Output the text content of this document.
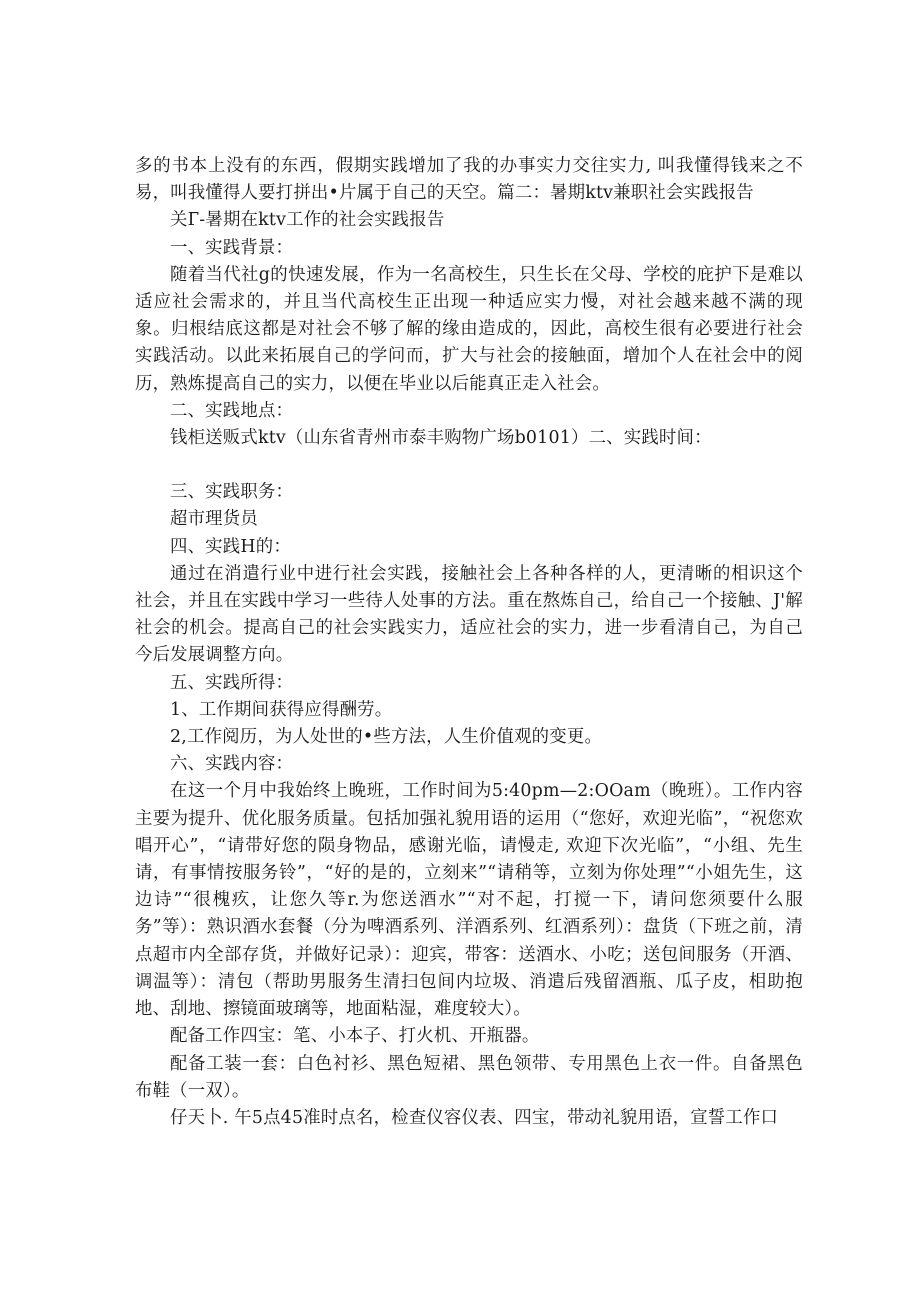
多的书本上没有的东西，假期实践增加了我的办事实力交往实力, 叫我懂得钱来之不易，叫我懂得人要打拼出•片属于自己的天空。篇二：暑期ktv兼职社会实践报告

关Г-暑期在ktv工作的社会实践报告

一、实践背景：

随着当代社g的快速发展，作为一名高校生，只生长在父母、学校的庇护下是难以适应社会需求的，并且当代高校生正出现一种适应实力慢，对社会越来越不满的现象。归根结底这都是对社会不够了解的缘由造成的，因此，高校生很有必要进行社会实践活动。以此来拓展自己的学问而，扩大与社会的接触面，增加个人在社会中的阅历，熟炼提高自己的实力，以便在毕业以后能真正走入社会。

二、实践地点：

钱柜送贩式ktv（山东省青州市泰丰购物广场b0101）二、实践时间：

三、实践职务：

超市理货员

四、实践H的：

通过在消遣行业中进行社会实践，接触社会上各种各样的人，更清晰的相识这个社会，并且在实践中学习一些待人处事的方法。重在熬炼自己，给自己一个接触、J'解社会的机会。提高自己的社会实践实力，适应社会的实力，进一步看清自己，为自己今后发展调整方向。

五、实践所得：

1、工作期间获得应得酬劳。

2,工作阅历，为人处世的•些方法，人生价值观的变更。

六、实践内容：

在这一个月中我始终上晚班，工作时间为5:40pm—2:OOam（晚班）。工作内容主要为提升、优化服务质量。包括加强礼貌用语的运用（“您好，欢迎光临”，“祝您欢唱开心”，“请带好您的陨身物品，感谢光临，请慢走, 欢迎下次光临”，“小组、先生请，有事情按服务铃”，“好的是的，立刻来”“请稍等，立刻为你处理”“小姐先生，这边诗”“很槐疚，让您久等r.为您送酒水”“对不起，打搅一下，请问您须要什么服务”等）：熟识酒水套餐（分为啤酒系列、洋酒系列、红酒系列）：盘货（下班之前，清点超市内全部存货，并做好记录）：迎宾，带客：送酒水、小吃；送包间服务（开酒、调温等）：清包（帮助男服务生清扫包间内垃圾、消遣后残留酒瓶、瓜子皮，相助抱地、刮地、擦镜面玻璃等，地面粘湿，难度较大）。

配备工作四宝：笔、小本子、打火机、开瓶器。

配备工装一套：白色衬衫、黑色短裙、黑色领带、专用黑色上衣一件。自备黑色布鞋（一双）。

仔天卜. 午5点45准时点名，检查仪容仪表、四宝，带动礼貌用语，宣誓工作口
